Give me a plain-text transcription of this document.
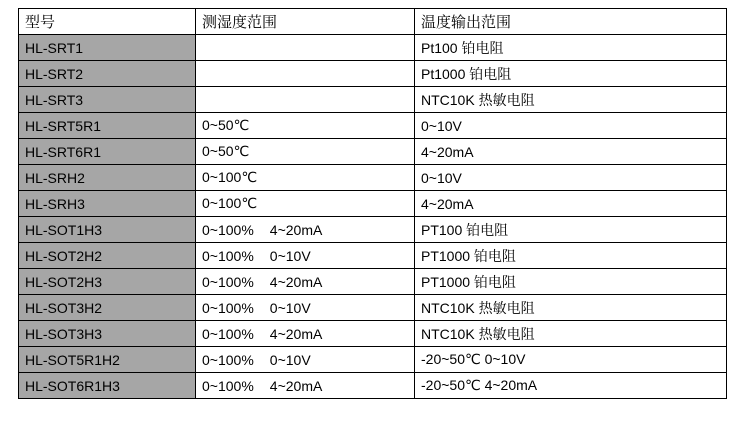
型号	测湿度范围	温度输出范围
HL-SRT1		Pt100 铂电阻
HL-SRT2		Pt1000 铂电阻
HL-SRT3		NTC10K 热敏电阻
HL-SRT5R1	0~50℃	0~10V
HL-SRT6R1	0~50℃	4~20mA
HL-SRH2	0~100℃	0~10V
HL-SRH3	0~100℃	4~20mA
HL-SOT1H3	0~100% 4~20mA	PT100 铂电阻
HL-SOT2H2	0~100% 0~10V	PT1000 铂电阻
HL-SOT2H3	0~100% 4~20mA	PT1000 铂电阻
HL-SOT3H2	0~100% 0~10V	NTC10K 热敏电阻
HL-SOT3H3	0~100% 4~20mA	NTC10K 热敏电阻
HL-SOT5R1H2	0~100% 0~10V	-20~50℃ 0~10V
HL-SOT6R1H3	0~100% 4~20mA	-20~50℃ 4~20mA
